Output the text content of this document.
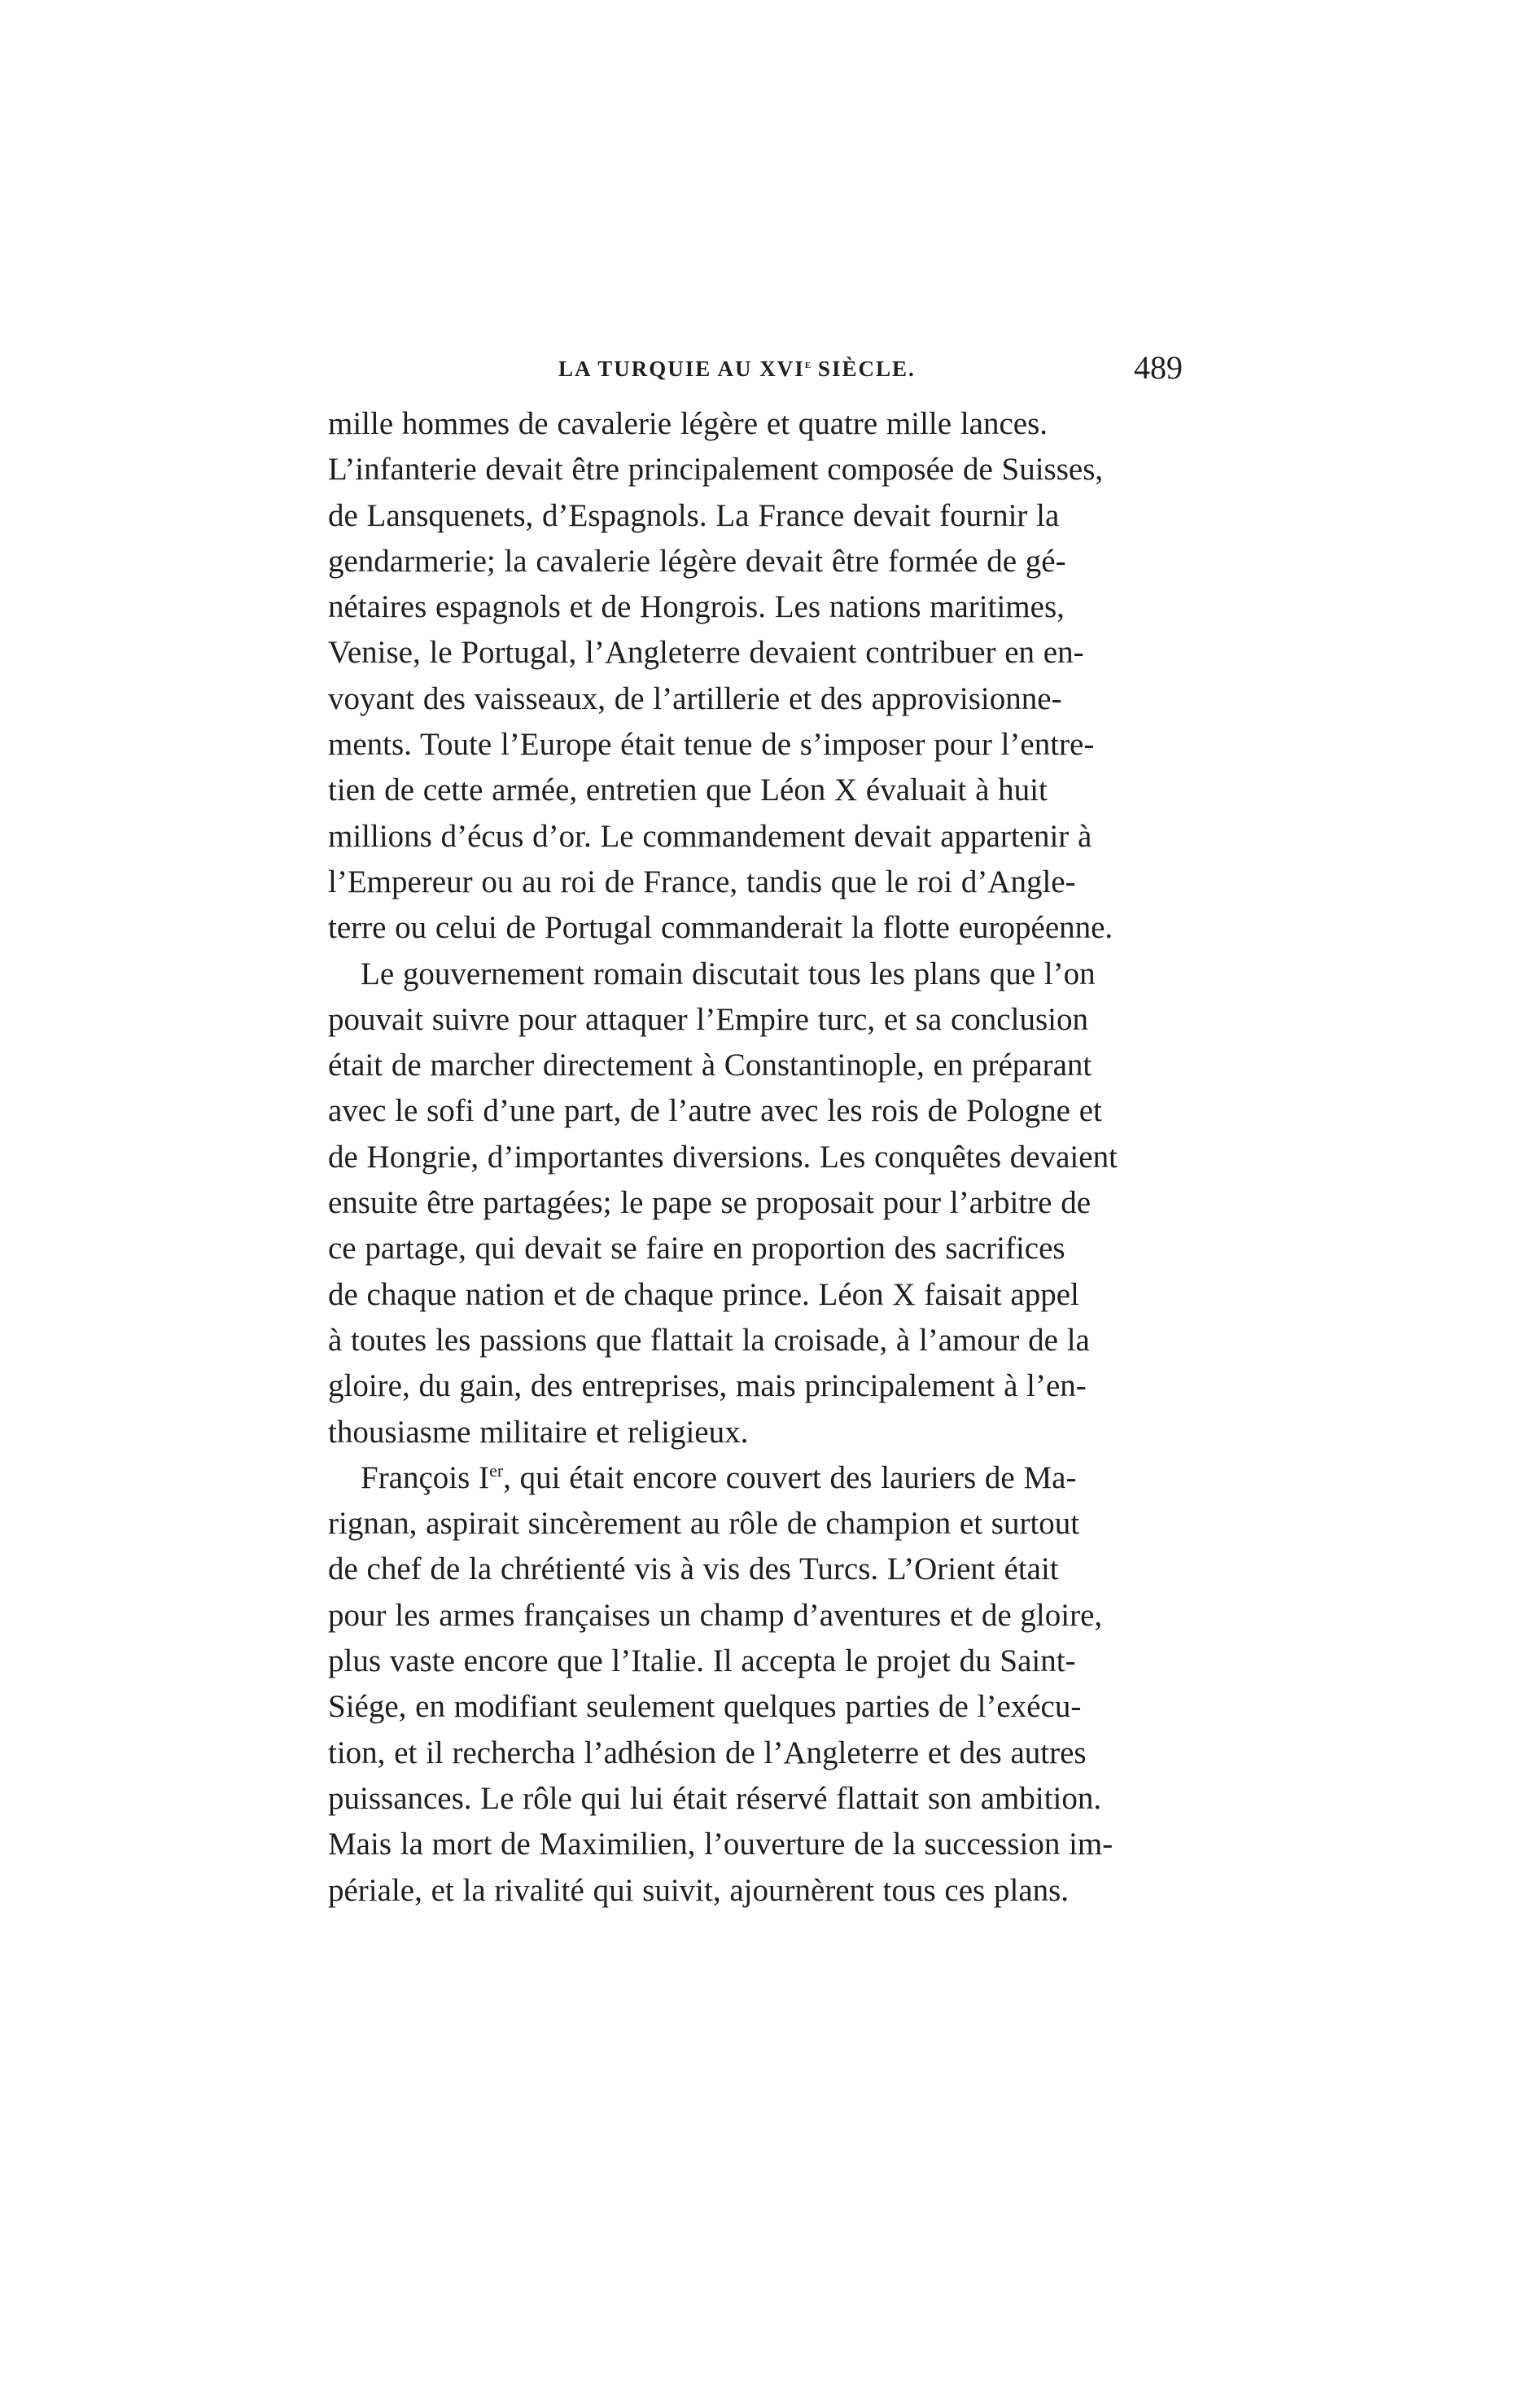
LA TURQUIE AU XVIe SIÈCLE.	489

mille hommes de cavalerie légère et quatre mille lances.
L’infanterie devait être principalement composée de Suisses,
de Lansquenets, d’Espagnols. La France devait fournir la
gendarmerie; la cavalerie légère devait être formée de gé-
nétaires espagnols et de Hongrois. Les nations maritimes,
Venise, le Portugal, l’Angleterre devaient contribuer en en-
voyant des vaisseaux, de l’artillerie et des approvisionne-
ments. Toute l’Europe était tenue de s’imposer pour l’entre-
tien de cette armée, entretien que Léon X évaluait à huit
millions d’écus d’or. Le commandement devait appartenir à
l’Empereur ou au roi de France, tandis que le roi d’Angle-
terre ou celui de Portugal commanderait la flotte européenne.

Le gouvernement romain discutait tous les plans que l’on
pouvait suivre pour attaquer l’Empire turc, et sa conclusion
était de marcher directement à Constantinople, en préparant
avec le sofi d’une part, de l’autre avec les rois de Pologne et
de Hongrie, d’importantes diversions. Les conquêtes devaient
ensuite être partagées; le pape se proposait pour l’arbitre de
ce partage, qui devait se faire en proportion des sacrifices
de chaque nation et de chaque prince. Léon X faisait appel
à toutes les passions que flattait la croisade, à l’amour de la
gloire, du gain, des entreprises, mais principalement à l’en-
thousiasme militaire et religieux.

François Ier, qui était encore couvert des lauriers de Ma-
rignan, aspirait sincèrement au rôle de champion et surtout
de chef de la chrétienté vis à vis des Turcs. L’Orient était
pour les armes françaises un champ d’aventures et de gloire,
plus vaste encore que l’Italie. Il accepta le projet du Saint-
Siége, en modifiant seulement quelques parties de l’exécu-
tion, et il rechercha l’adhésion de l’Angleterre et des autres
puissances. Le rôle qui lui était réservé flattait son ambition.
Mais la mort de Maximilien, l’ouverture de la succession im-
périale, et la rivalité qui suivit, ajournèrent tous ces plans.
